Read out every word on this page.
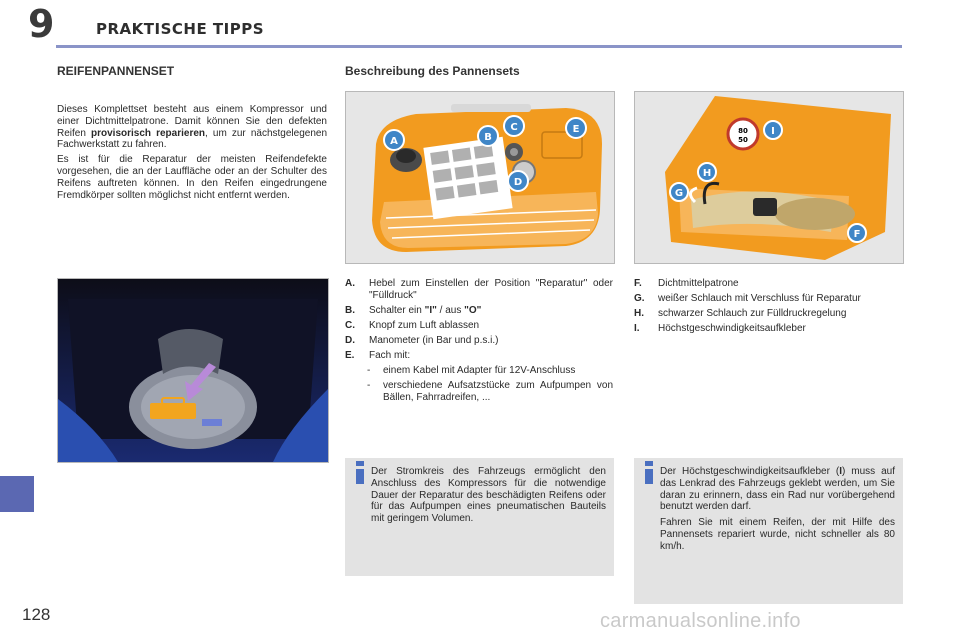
9	PRAKTISCHE TIPPS
REIFENPANNENSET

Dieses Komplettset besteht aus einem Kompressor und einer Dichtmittelpatrone. Damit können Sie den defekten Reifen provisorisch reparieren, um zur nächstgelegenen Fachwerkstatt zu fahren.

Es ist für die Reparatur der meisten Reifendefekte vorgesehen, die an der Lauffläche oder an der Schulter des Reifens auftreten können. In den Reifen eingedrungene Fremdkörper sollten möglichst nicht entfernt werden.

Beschreibung des Pannensets
A	B
C	E
D
80
50
I
H
G
F
A.	Hebel zum Einstellen der Position "Reparatur" oder "Fülldruck"
B.	Schalter ein "I" / aus "O"
C.	Knopf zum Luft ablassen
D.	Manometer (in Bar und p.s.i.)
E.	Fach mit:
-	einem Kabel mit Adapter für 12V-Anschluss
-	verschiedene Aufsatzstücke zum Aufpumpen von Bällen, Fahrradreifen, ...
F.	Dichtmittelpatrone
G.	weißer Schlauch mit Verschluss für Reparatur
H.	schwarzer Schlauch zur Fülldruckregelung
I.	Höchstgeschwindigkeitsaufkleber

Der Stromkreis des Fahrzeugs ermöglicht den Anschluss des Kompressors für die notwendige Dauer der Reparatur des beschädigten Reifens oder für das Aufpumpen eines pneumatischen Bauteils mit geringem Volumen.

Der Höchstgeschwindigkeitsaufkleber (I) muss auf das Lenkrad des Fahrzeugs geklebt werden, um Sie daran zu erinnern, dass ein Rad nur vorübergehend benutzt werden darf.

Fahren Sie mit einem Reifen, der mit Hilfe des Pannensets repariert wurde, nicht schneller als 80 km/h.

128	carmanualsonline.info
